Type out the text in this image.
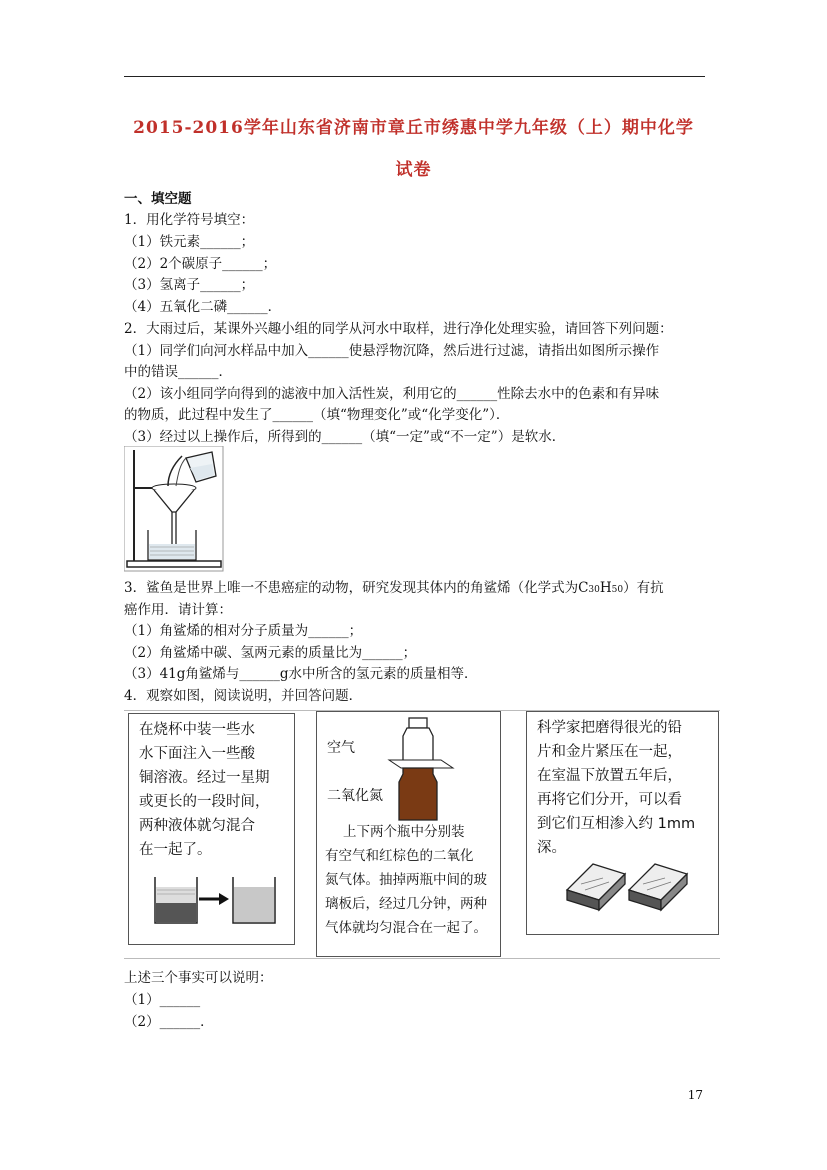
2015-2016学年山东省济南市章丘市绣惠中学九年级（上）期中化学
试卷
一、填空题
1．用化学符号填空：
（1）铁元素______；
（2）2个碳原子______；
（3）氢离子______；
（4）五氧化二磷______．
2．大雨过后，某课外兴趣小组的同学从河水中取样，进行净化处理实验，请回答下列问题：
（1）同学们向河水样品中加入______使悬浮物沉降，然后进行过滤，请指出如图所示操作
中的错误______．
（2）该小组同学向得到的滤液中加入活性炭，利用它的______性除去水中的色素和有异味
的物质，此过程中发生了______（填“物理变化”或“化学变化”）．
（3）经过以上操作后，所得到的______（填“一定”或“不一定”）是软水．
3．鲨鱼是世界上唯一不患癌症的动物，研究发现其体内的角鲨烯（化学式为C30H50）有抗
癌作用．请计算：
（1）角鲨烯的相对分子质量为______；
（2）角鲨烯中碳、氢两元素的质量比为______；
（3）41g角鲨烯与______g水中所含的氢元素的质量相等．
4．观察如图，阅读说明，并回答问题．
在烧杯中装一些水
水下面注入一些酸
铜溶液。经过一星期
或更长的一段时间，
两种液体就匀混合
在一起了。
空气
二氧化氮
上下两个瓶中分别装
有空气和红棕色的二氧化
氮气体。抽掉两瓶中间的玻
璃板后，经过几分钟，两种
气体就均匀混合在一起了。
科学家把磨得很光的铅
片和金片紧压在一起，
在室温下放置五年后，
再将它们分开，可以看
到它们互相渗入约 1mm
深。
上述三个事实可以说明：
（1）______
（2）______．
17
